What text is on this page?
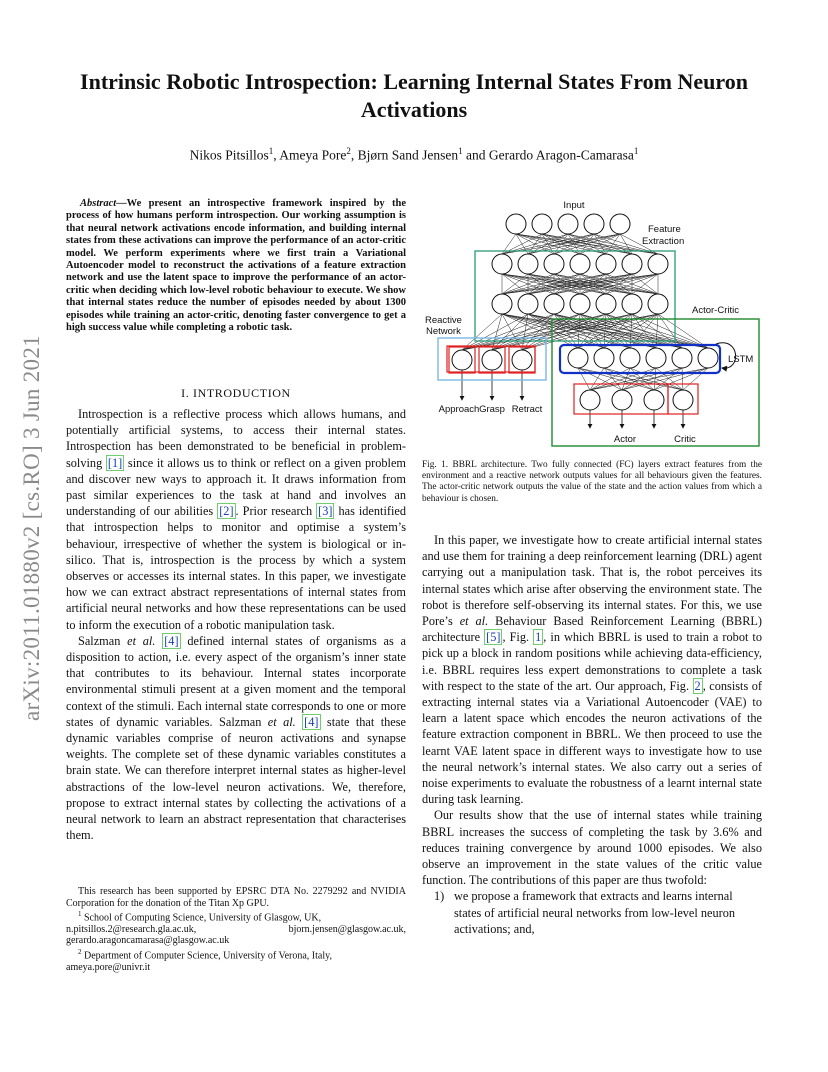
arXiv:2011.01880v2 [cs.RO] 3 Jun 2021
Intrinsic Robotic Introspection: Learning Internal States From Neuron Activations
Nikos Pitsillos$^1$, Ameya Pore$^2$, Bjørn Sand Jensen$^1$ and Gerardo Aragon-Camarasa$^1$

Abstract—We present an introspective framework inspired by the process of how humans perform introspection. Our working assumption is that neural network activations encode information, and building internal states from these activations can improve the performance of an actor-critic model. We perform experiments where we first train a Variational Autoencoder model to reconstruct the activations of a feature extraction network and use the latent space to improve the performance of an actor-critic when deciding which low-level robotic behaviour to execute. We show that internal states reduce the number of episodes needed by about 1300 episodes while training an actor-critic, denoting faster convergence to get a high success value while completing a robotic task.

I. INTRODUCTION

Introspection is a reflective process which allows humans, and potentially artificial systems, to access their internal states. Introspection has been demonstrated to be beneficial in problem-solving [1] since it allows us to think or reflect on a given problem and discover new ways to approach it. It draws information from past similar experiences to the task at hand and involves an understanding of our abilities [2] . Prior research [3] has identified that introspection helps to monitor and optimise a system’s behaviour, irrespective of whether the system is biological or in-silico. That is, introspection is the process by which a system observes or accesses its internal states. In this paper, we investigate how we can extract abstract representations of internal states from artificial neural networks and how these representations can be used to inform the execution of a robotic manipulation task.

Salzman et al. [4] defined internal states of organisms as a disposition to action, i.e. every aspect of the organism’s inner state that contributes to its behaviour. Internal states incorporate environmental stimuli present at a given moment and the temporal context of the stimuli. Each internal state corresponds to one or more states of dynamic variables. Salzman et al. [4] state that these dynamic variables comprise of neuron activations and synapse weights. The complete set of these dynamic variables constitutes a brain state. We can therefore interpret internal states as higher-level abstractions of the low-level neuron activations. We, therefore, propose to extract internal states by collecting the activations of a neural network to learn an abstract representation that characterises them.

This research has been supported by EPSRC DTA No. 2279292 and NVIDIA Corporation for the donation of the Titan Xp GPU.

$^1$ School of Computing Science, University of Glasgow, UK,

n.pitsillos.2@research.gla.ac.uk,	bjorn.jensen@glasgow.ac.uk,

gerardo.aragoncamarasa@glasgow.ac.uk

$^2$ Department of Computer Science, University of Verona, Italy,

ameya.pore@univr.it

Input
Feature
Extraction
Reactive
Network
Actor-Critic
LSTM
Approach Grasp Retract
Actor	Critic

Fig. 1. BBRL architecture. Two fully connected (FC) layers extract features from the environment and a reactive network outputs values for all behaviours given the features. The actor-critic network outputs the value of the state and the action values from which a behaviour is chosen.

In this paper, we investigate how to create artificial internal states and use them for training a deep reinforcement learning (DRL) agent carrying out a manipulation task. That is, the robot perceives its internal states which arise after observing the environment state. The robot is therefore self-observing its internal states. For this, we use Pore’s et al. Behaviour Based Reinforcement Learning (BBRL) architecture [5] , Fig. 1 , in which BBRL is used to train a robot to pick up a block in random positions while achieving data-efficiency, i.e. BBRL requires less expert demonstrations to complete a task with respect to the state of the art. Our approach, Fig. 2 , consists of extracting internal states via a Variational Autoencoder (VAE) to learn a latent space which encodes the neuron activations of the feature extraction component in BBRL. We then proceed to use the learnt VAE latent space in different ways to investigate how to use the neural network’s internal states. We also carry out a series of noise experiments to evaluate the robustness of a learnt internal state during task learning.

Our results show that the use of internal states while training BBRL increases the success of completing the task by 3.6% and reduces training convergence by around 1000 episodes. We also observe an improvement in the state values of the critic value function. The contributions of this paper are thus twofold:

1) we propose a framework that extracts and learns internal states of artificial neural networks from low-level neuron activations; and,
